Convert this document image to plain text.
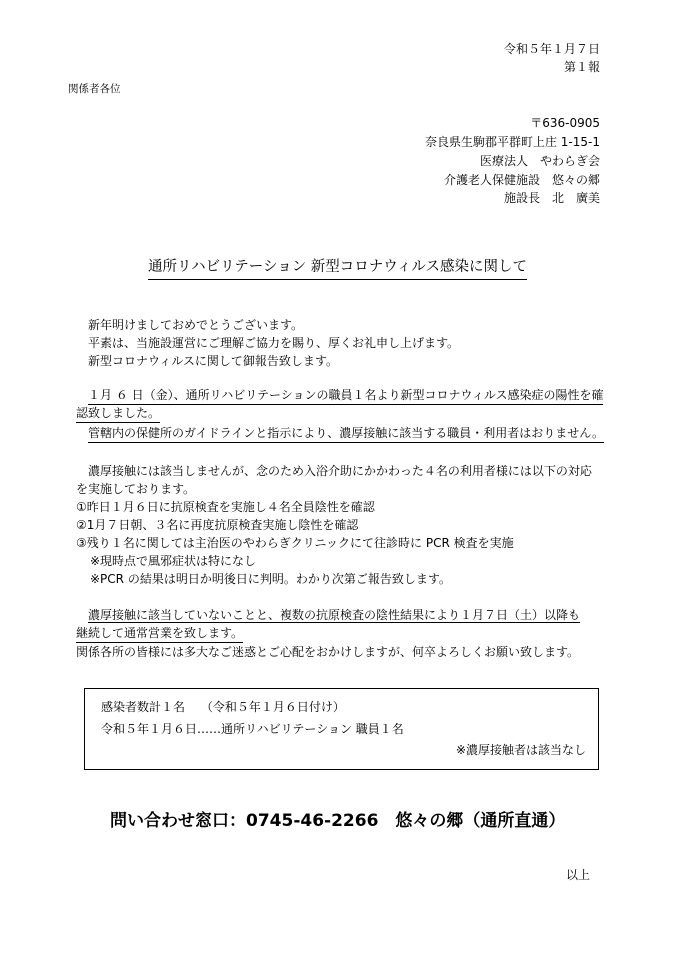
令和５年１月７日
第１報
関係者各位
〒636-0905
奈良県生駒郡平群町上庄 1-15-1
医療法人　やわらぎ会
介護老人保健施設　悠々の郷
施設長　北　廣美
通所リハビリテーション 新型コロナウィルス感染に関して
新年明けましておめでとうございます。
平素は、当施設運営にご理解ご協力を賜り、厚くお礼申し上げます。
新型コロナウィルスに関して御報告致します。
１月 ６ 日（金）、通所リハビリテーションの職員１名より新型コロナウィルス感染症の陽性を確
認致しました。
管轄内の保健所のガイドラインと指示により、濃厚接触に該当する職員・利用者はおりません。
濃厚接触には該当しませんが、念のため入浴介助にかかわった４名の利用者様には以下の対応
を実施しております。
①昨日１月６日に抗原検査を実施し４名全員陰性を確認
②1月７日朝、３名に再度抗原検査実施し陰性を確認
③残り１名に関しては主治医のやわらぎクリニックにて往診時に PCR 検査を実施
※現時点で風邪症状は特になし
※PCR の結果は明日か明後日に判明。わかり次第ご報告致します。
濃厚接触に該当していないことと、複数の抗原検査の陰性結果により１月７日（土）以降も
継続して通常営業を致します。
関係各所の皆様には多大なご迷惑とご心配をおかけしますが、何卒よろしくお願い致します。
感染者数計１名　 （令和５年１月６日付け）
令和５年１月６日‥‥‥通所リハビリテーション 職員１名
※濃厚接触者は該当なし
問い合わせ窓口：0745-46-2266　悠々の郷（通所直通）
以上
